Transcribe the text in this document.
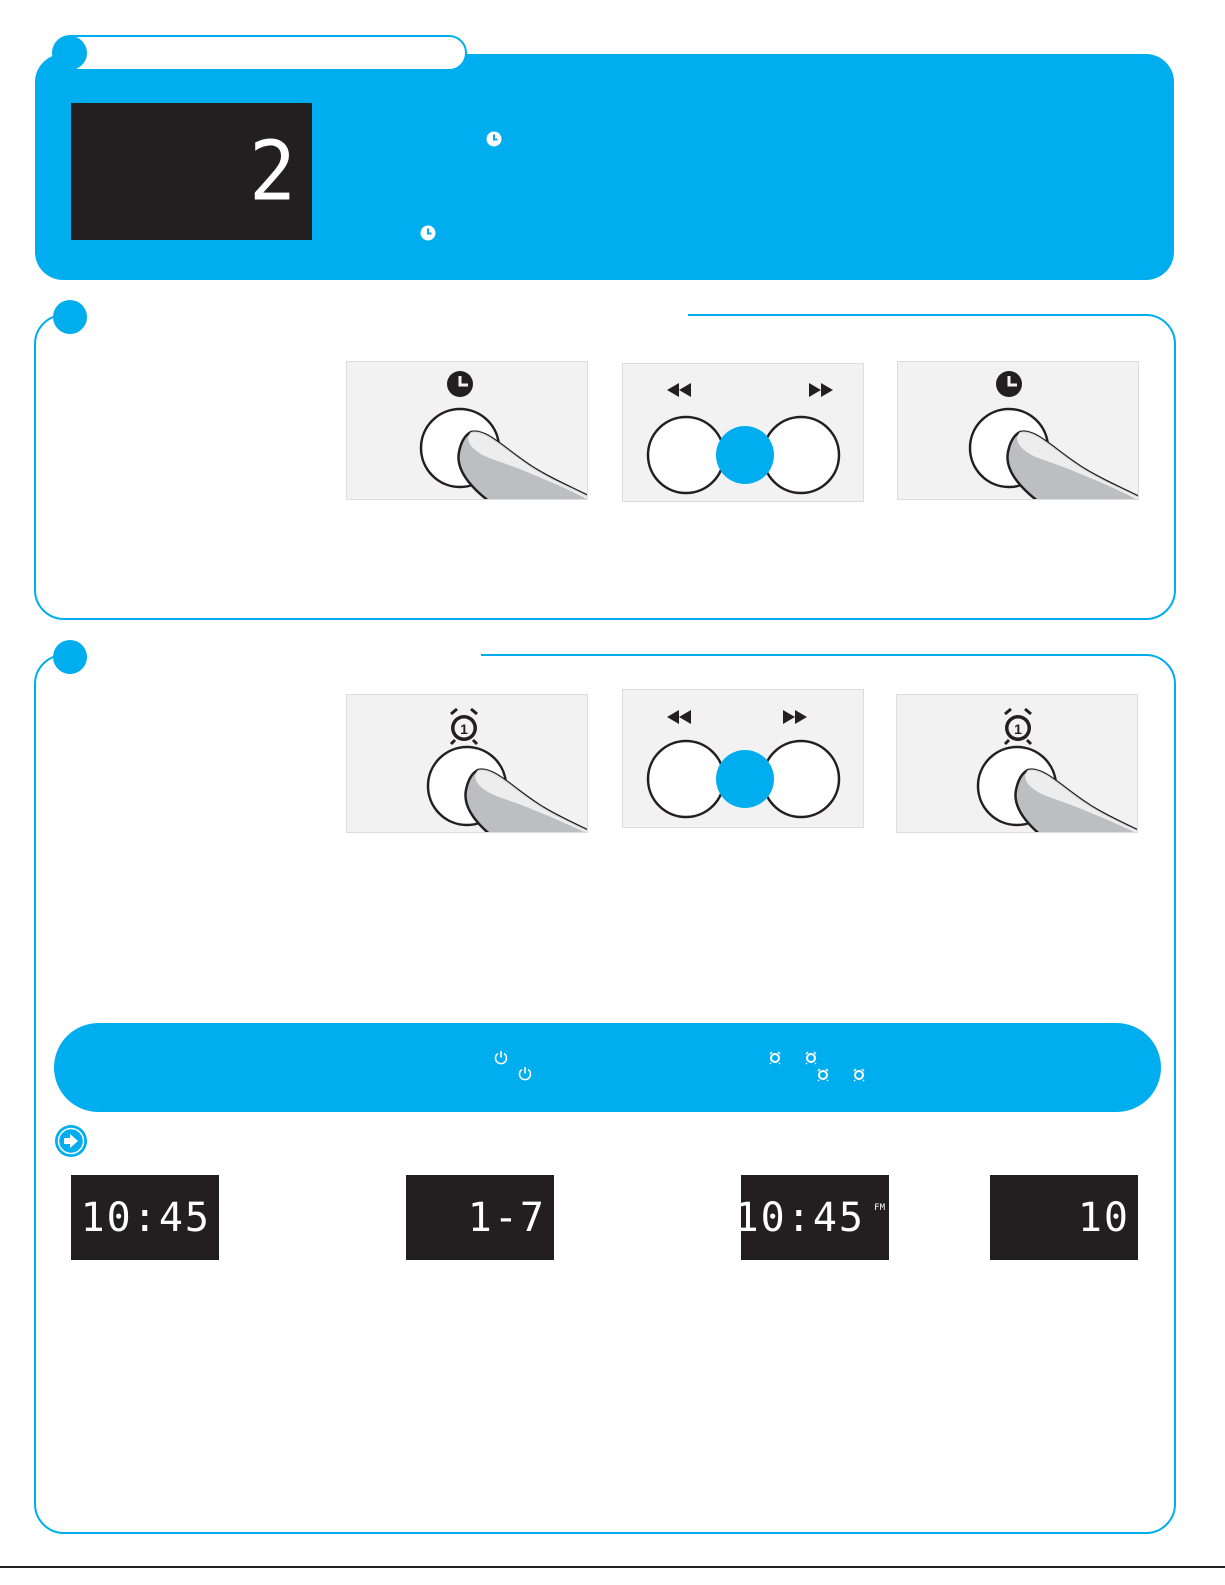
2
1	1
10:45	1-7	10:45 FM	10
